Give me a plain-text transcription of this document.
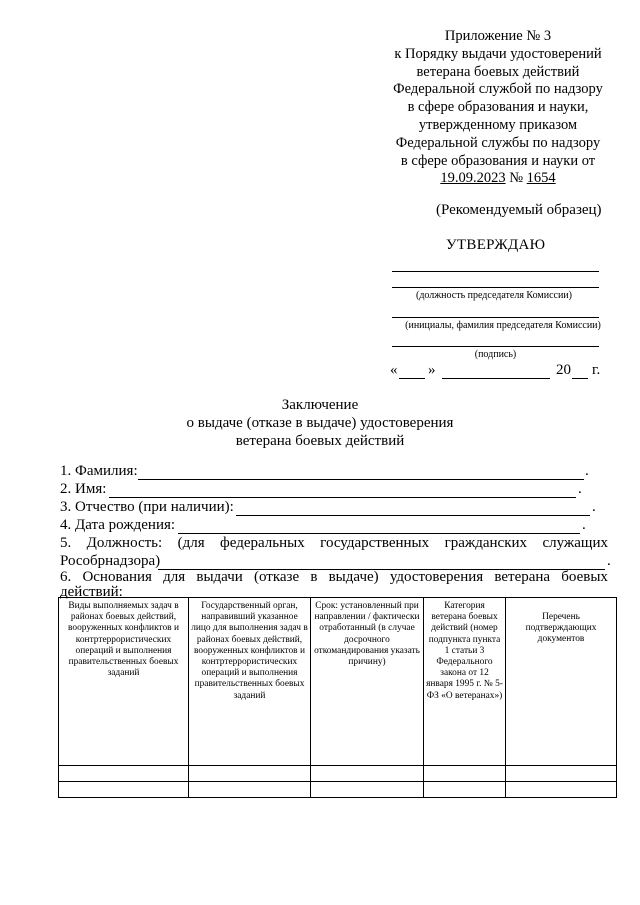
Приложение № 3
к Порядку выдачи удостоверений
ветерана боевых действий
Федеральной службой по надзору
в сфере образования и науки,
утвержденному приказом
Федеральной службы по надзору
в сфере образования и науки от
19.09.2023 № 1654
(Рекомендуемый образец)
УТВЕРЖДАЮ
(должность председателя Комиссии)
(инициалы, фамилия председателя Комиссии)
(подпись)
« »	20 г.
Заключение
о выдаче (отказе в выдаче) удостоверения
ветерана боевых действий
1. Фамилия:	.
2. Имя:	.
3. Отчество (при наличии):	.
4. Дата рождения:	.
5. Должность: (для федеральных государственных гражданских служащих
Рособрнадзора)	.
6. Основания для выдачи (отказе в выдаче) удостоверения ветерана боевых
действий:
Виды выполняемых задач в районах боевых действий, вооруженных конфликтов и контртеррористических операций и выполнения правительственных боевых заданий	Государственный орган, направивший указанное лицо для выполнения задач в районах боевых действий, вооруженных конфликтов и контртеррористических операций и выполнения правительственных боевых заданий	Срок: установленный при направлении / фактически отработанный (в случае досрочного откомандирования указать причину)	Категория ветерана боевых действий (номер подпункта пункта 1 статьи 3 Федерального закона от 12 января 1995 г. № 5-ФЗ «О ветеранах»)	Перечень подтверждающих документов
